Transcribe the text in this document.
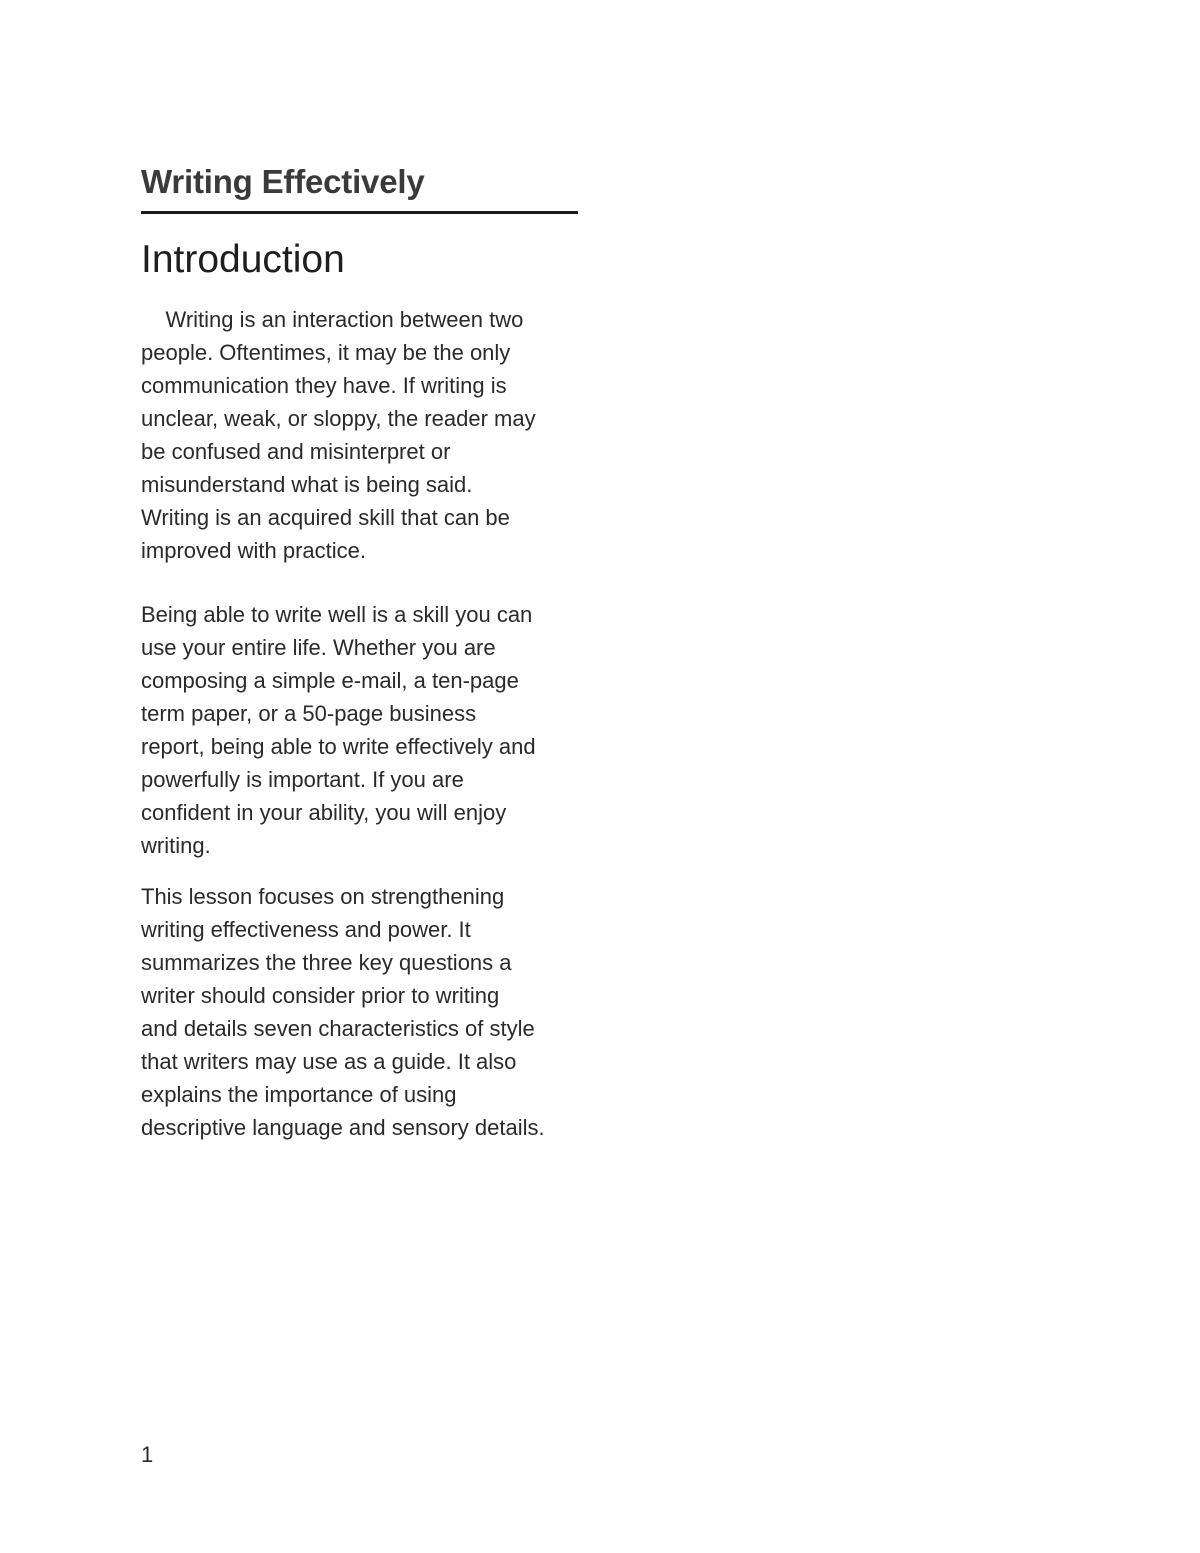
Writing Effectively
Introduction

Writing is an interaction between two
people. Oftentimes, it may be the only
communication they have. If writing is
unclear, weak, or sloppy, the reader may
be confused and misinterpret or
misunderstand what is being said.
Writing is an acquired skill that can be
improved with practice.

Being able to write well is a skill you can
use your entire life. Whether you are
composing a simple e-mail, a ten-page
term paper, or a 50-page business
report, being able to write effectively and
powerfully is important. If you are
confident in your ability, you will enjoy
writing.

This lesson focuses on strengthening
writing effectiveness and power. It
summarizes the three key questions a
writer should consider prior to writing
and details seven characteristics of style
that writers may use as a guide. It also
explains the importance of using
descriptive language and sensory details.

1
